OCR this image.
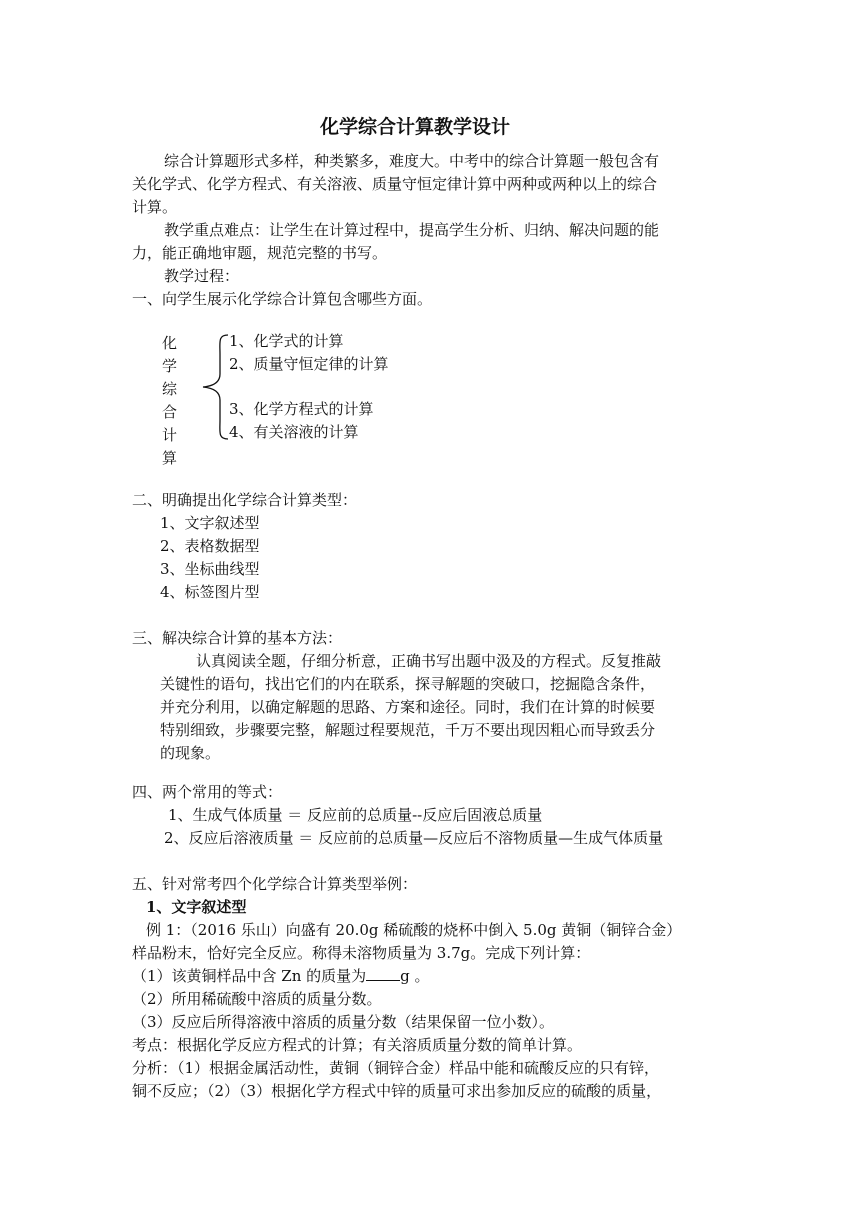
化学综合计算教学设计
综合计算题形式多样，种类繁多，难度大。中考中的综合计算题一般包含有
关化学式、化学方程式、有关溶液、质量守恒定律计算中两种或两种以上的综合
计算。
教学重点难点：让学生在计算过程中，提高学生分析、归纳、解决问题的能
力，能正确地审题，规范完整的书写。
教学过程：
一、向学生展示化学综合计算包含哪些方面。
化
学
综
合
计
算
1、化学式的计算
2、质量守恒定律的计算
3、化学方程式的计算
4、有关溶液的计算
二、明确提出化学综合计算类型：
1、文字叙述型
2、表格数据型
3、坐标曲线型
4、标签图片型
三、解决综合计算的基本方法：
认真阅读全题，仔细分析意，正确书写出题中汲及的方程式。反复推敲
关键性的语句，找出它们的内在联系，探寻解题的突破口，挖掘隐含条件，
并充分利用，以确定解题的思路、方案和途径。同时，我们在计算的时候要
特别细致，步骤要完整，解题过程要规范，千万不要出现因粗心而导致丢分
的现象。
四、两个常用的等式：
1、生成气体质量 ＝ 反应前的总质量--反应后固液总质量
2、反应后溶液质量 ＝ 反应前的总质量—反应后不溶物质量—生成气体质量
五、针对常考四个化学综合计算类型举例：
1、文字叙述型
例 1：（2016 乐山）向盛有 20.0g 稀硫酸的烧杯中倒入 5.0g 黄铜（铜锌合金）
样品粉末，恰好完全反应。称得未溶物质量为 3.7g。完成下列计算：
（1）该黄铜样品中含 Zn 的质量为 g 。
（2）所用稀硫酸中溶质的质量分数。
（3）反应后所得溶液中溶质的质量分数（结果保留一位小数）。
考点：根据化学反应方程式的计算；有关溶质质量分数的简单计算。
分析：（1）根据金属活动性，黄铜（铜锌合金）样品中能和硫酸反应的只有锌，
铜不反应；（2）（3）根据化学方程式中锌的质量可求出参加反应的硫酸的质量，
